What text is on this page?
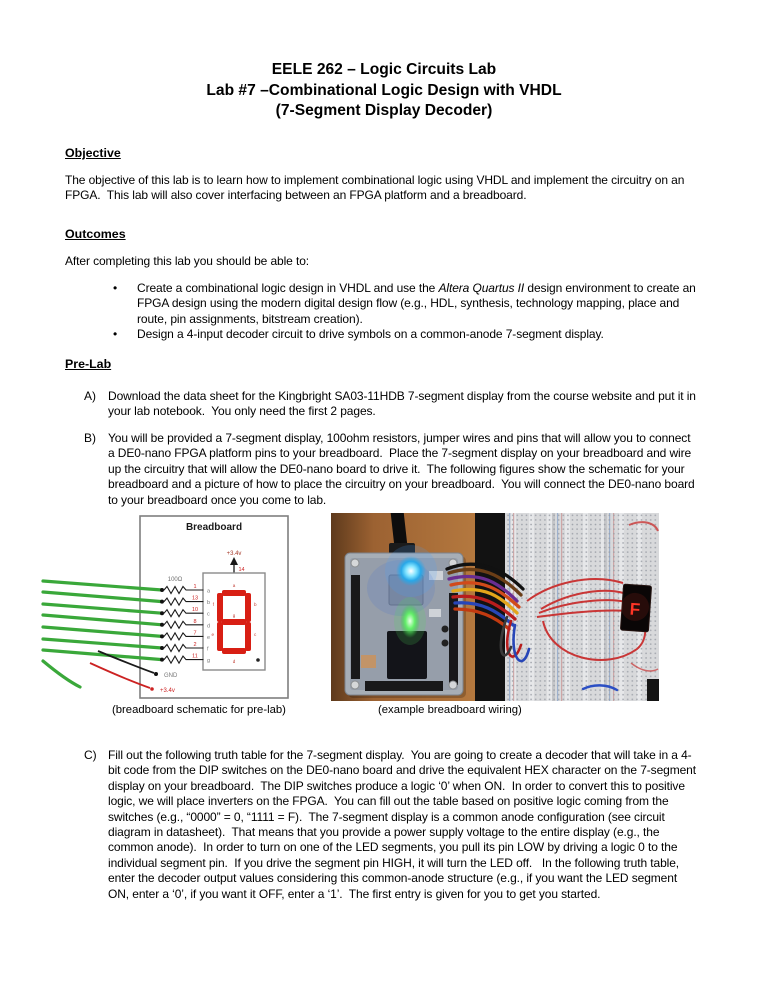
EELE 262 – Logic Circuits Lab
Lab #7 –Combinational Logic Design with VHDL
(7-Segment Display Decoder)
Objective
The objective of this lab is to learn how to implement combinational logic using VHDL and implement the circuitry on an FPGA.  This lab will also cover interfacing between an FPGA platform and a breadboard.
Outcomes
After completing this lab you should be able to:
• Create a combinational logic design in VHDL and use the Altera Quartus II design environment to create an FPGA design using the modern digital design flow (e.g., HDL, synthesis, technology mapping, place and route, pin assignments, bitstream creation).
• Design a 4-input decoder circuit to drive symbols on a common-anode 7-segment display.
Pre-Lab
A) Download the data sheet for the Kingbright SA03-11HDB 7-segment display from the course website and put it in your lab notebook.  You only need the first 2 pages.
B) You will be provided a 7-segment display, 100ohm resistors, jumper wires and pins that will allow you to connect a DE0-nano FPGA platform pins to your breadboard.  Place the 7-segment display on your breadboard and wire up the circuitry that will allow the DE0-nano board to drive it.  The following figures show the schematic for your breadboard and a picture of how to place the circuitry on your breadboard.  You will connect the DE0-nano board to your breadboard once you come to lab.
Breadboard
+3.4v
14
a
b
c
d
e
f
g
100Ω
1
13
10
8
7
2
11
a
b
c
d
e
f
g
GND
+3.4v
F
(breadboard schematic for pre-lab)	(example breadboard wiring)
C) Fill out the following truth table for the 7-segment display.  You are going to create a decoder that will take in a 4-bit code from the DIP switches on the DE0-nano board and drive the equivalent HEX character on the 7-segment display on your breadboard.  The DIP switches produce a logic ‘0’ when ON.  In order to convert this to positive logic, we will place inverters on the FPGA.  You can fill out the table based on positive logic coming from the switches (e.g., “0000” = 0, “1111 = F).  The 7-segment display is a common anode configuration (see circuit diagram in datasheet).  That means that you provide a power supply voltage to the entire display (e.g., the common anode).  In order to turn on one of the LED segments, you pull its pin LOW by driving a logic 0 to the individual segment pin.  If you drive the segment pin HIGH, it will turn the LED off.   In the following truth table, enter the decoder output values considering this common-anode structure (e.g., if you want the LED segment ON, enter a ‘0’, if you want it OFF, enter a ‘1’.  The first entry is given for you to get you started.
